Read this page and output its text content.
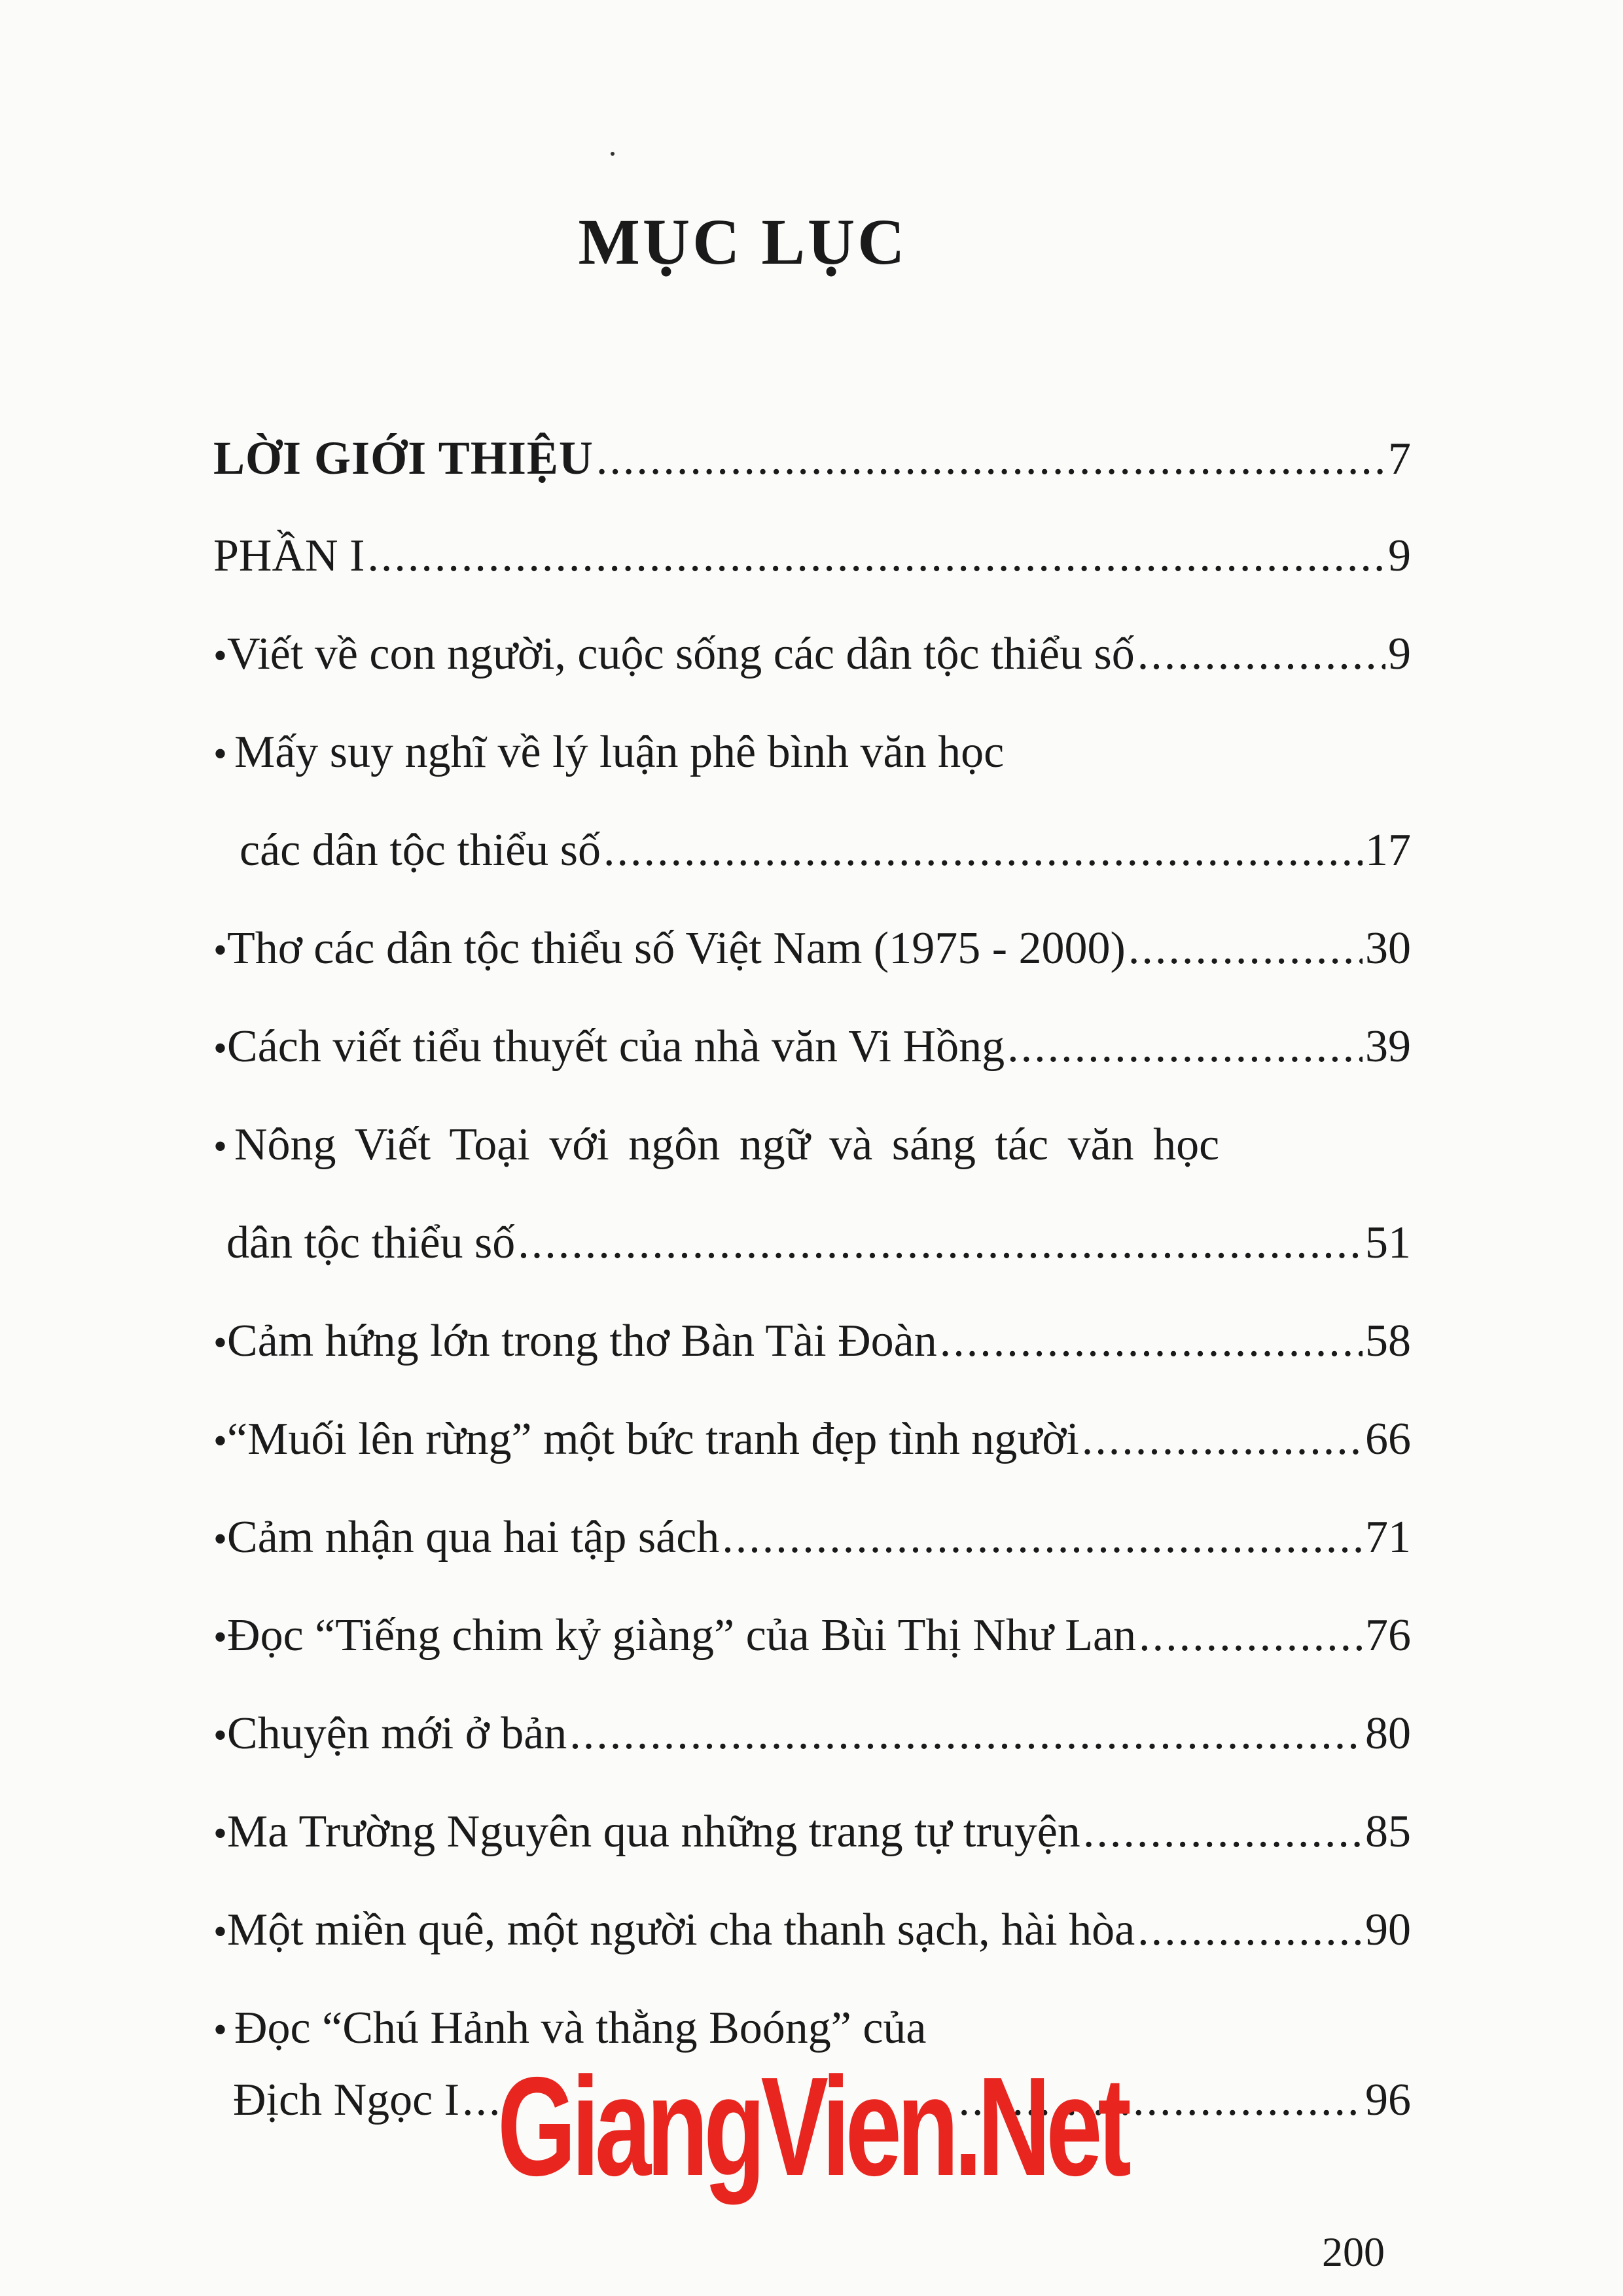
MỤC LỤC
LỜI GIỚI THIỆU .....	7
PHẦN I .....	9
• Viết về con người, cuộc sống các dân tộc thiểu số .....	9
• Mấy suy nghĩ về lý luận phê bình văn học
các dân tộc thiểu số .....	17
• Thơ các dân tộc thiểu số Việt Nam (1975 - 2000) .....	30
• Cách viết tiểu thuyết của nhà văn Vi Hồng .....	39
• Nông Viết Toại với ngôn ngữ và sáng tác văn học
dân tộc thiểu số .....	51
• Cảm hứng lớn trong thơ Bàn Tài Đoàn .....	58
• “Muối lên rừng” một bức tranh đẹp tình người .....	66
• Cảm nhận qua hai tập sách .....	71
• Đọc “Tiếng chim kỷ giàng” của Bùi Thị Như Lan .....	76
• Chuyện mới ở bản .....	80
• Ma Trường Nguyên qua những trang tự truyện .....	85
• Một miền quê, một người cha thanh sạch, hài hòa .....	90
• Đọc “Chú Hảnh và thằng Boóng” của
Địch Ngọc I .....	96
GiangVien.Net
200
